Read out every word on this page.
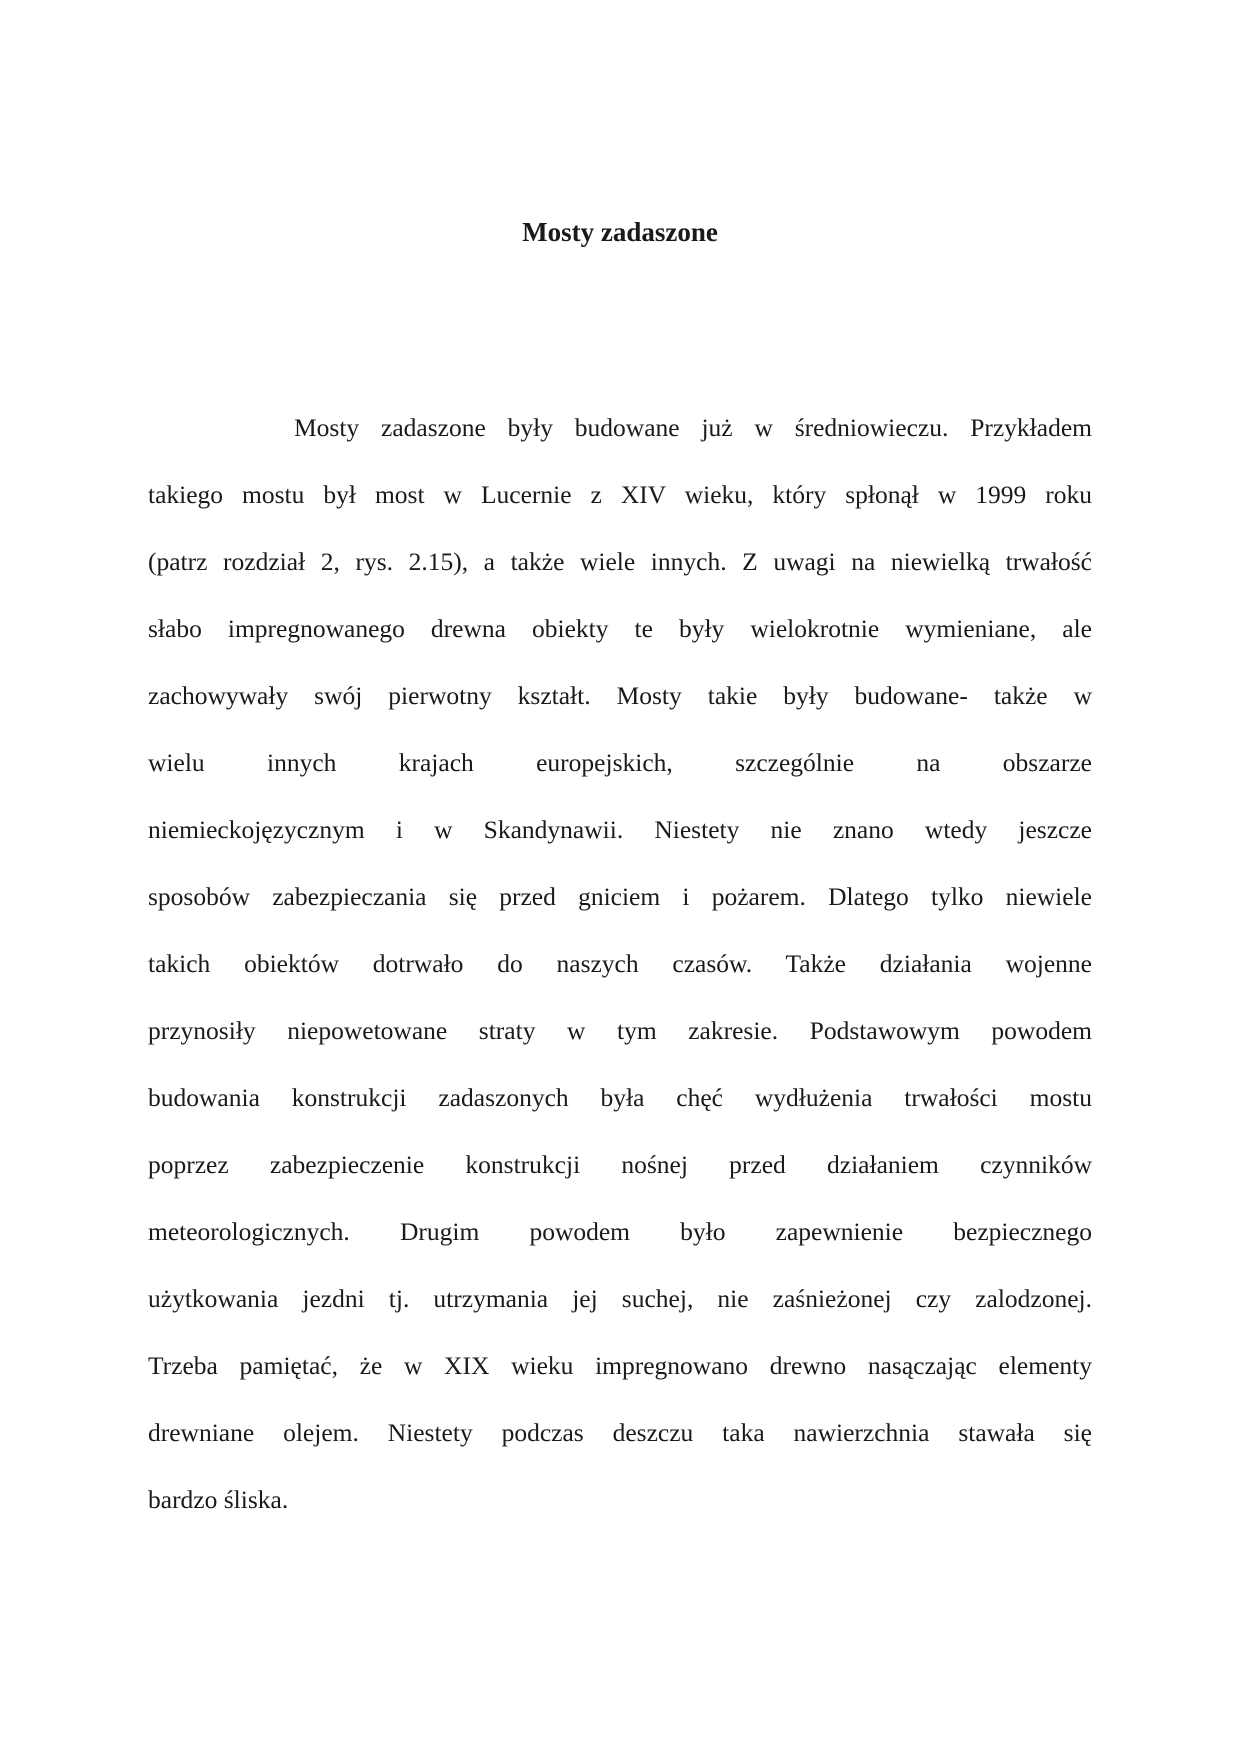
Mosty zadaszone
Mosty zadaszone były budowane już w średniowieczu. Przykładem
takiego mostu był most w Lucernie z XIV wieku, który spłonął w 1999 roku
(patrz rozdział 2, rys. 2.15), a także wiele innych. Z uwagi na niewielką trwałość
słabo impregnowanego drewna obiekty te były wielokrotnie wymieniane, ale
zachowywały swój pierwotny kształt. Mosty takie były budowane- także w
wielu innych krajach europejskich, szczególnie na obszarze
niemieckojęzycznym i w Skandynawii. Niestety nie znano wtedy jeszcze
sposobów zabezpieczania się przed gniciem i pożarem. Dlatego tylko niewiele
takich obiektów dotrwało do naszych czasów. Także działania wojenne
przynosiły niepowetowane straty w tym zakresie. Podstawowym powodem
budowania konstrukcji zadaszonych była chęć wydłużenia trwałości mostu
poprzez zabezpieczenie konstrukcji nośnej przed działaniem czynników
meteorologicznych. Drugim powodem było zapewnienie bezpiecznego
użytkowania jezdni tj. utrzymania jej suchej, nie zaśnieżonej czy zalodzonej.
Trzeba pamiętać, że w XIX wieku impregnowano drewno nasączając elementy
drewniane olejem. Niestety podczas deszczu taka nawierzchnia stawała się
bardzo śliska.
